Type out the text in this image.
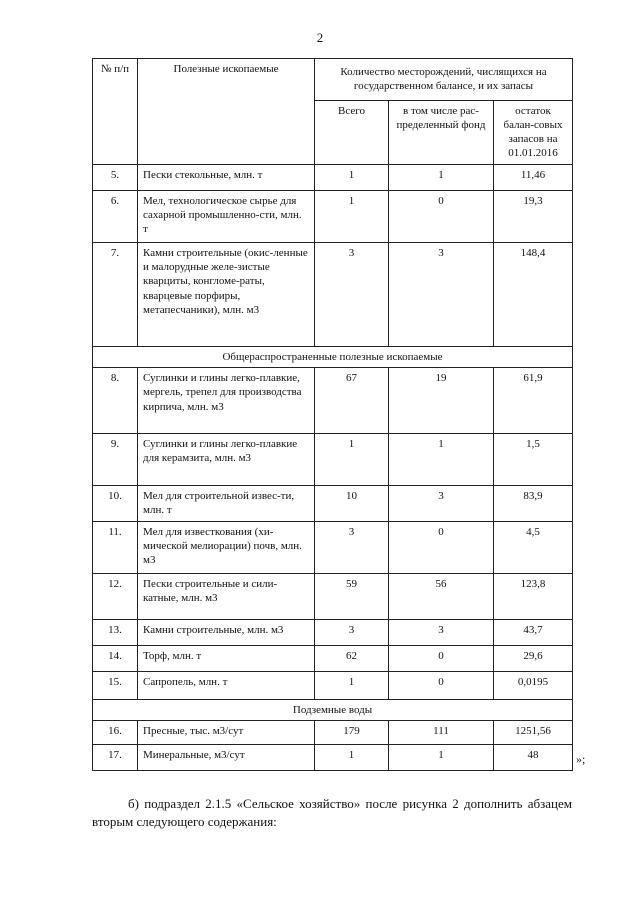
2
№ п/п	Полезные ископаемые	Количество месторождений, числящихся на государственном балансе, и их запасы		
		Всего	в том числе рас-пределенный фонд	остаток балан-совых запасов на 01.01.2016
5.	Пески стекольные, млн. т	1	1	11,46
6.	Мел, технологическое сырье для сахарной промышленно-сти, млн. т	1	0	19,3
7.	Камни строительные (окис-ленные и малорудные желе-зистые кварциты, конгломе-раты, кварцевые порфиры, метапесчаники), млн. м3	3	3	148,4
Общераспространенные полезные ископаемые				
8.	Суглинки и глины легко-плавкие, мергель, трепел для производства кирпича, млн. м3	67	19	61,9
9.	Суглинки и глины легко-плавкие для керамзита, млн. м3	1	1	1,5
10.	Мел для строительной извес-ти, млн. т	10	3	83,9
11.	Мел для известкования (хи-мической мелиорации) почв, млн. м3	3	0	4,5
12.	Пески строительные и сили-катные, млн. м3	59	56	123,8
13.	Камни строительные, млн. м3	3	3	43,7
14.	Торф, млн. т	62	0	29,6
15.	Сапропель, млн. т	1	0	0,0195
Подземные воды				
16.	Пресные, тыс. м3/сут	179	111	1251,56
17.	Минеральные, м3/сут	1	1	48	»;
б) подраздел 2.1.5 «Сельское хозяйство» после рисунка 2 дополнить абзацем вторым следующего содержания:
